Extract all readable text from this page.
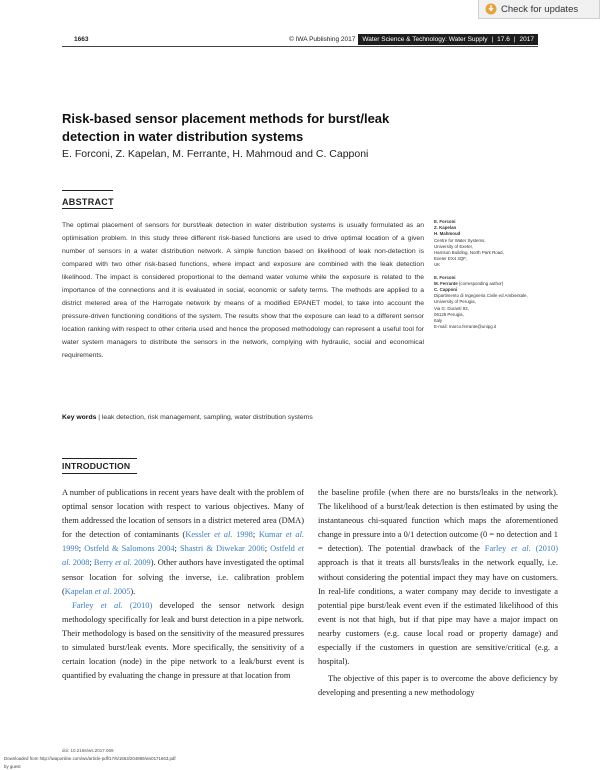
Check for updates
1663	© IWA Publishing 2017 Water Science & Technology: Water Supply | 17.6 | 2017
Risk-based sensor placement methods for burst/leak detection in water distribution systems
E. Forconi, Z. Kapelan, M. Ferrante, H. Mahmoud and C. Capponi
ABSTRACT
The optimal placement of sensors for burst/leak detection in water distribution systems is usually formulated as an optimisation problem. In this study three different risk-based functions are used to drive optimal location of a given number of sensors in a water distribution network. A simple function based on likelihood of leak non-detection is compared with two other risk-based functions, where impact and exposure are combined with the leak detection likelihood. The impact is considered proportional to the demand water volume while the exposure is related to the importance of the connections and it is evaluated in social, economic or safety terms. The methods are applied to a district metered area of the Harrogate network by means of a modified EPANET model, to take into account the pressure-driven functioning conditions of the system. The results show that the exposure can lead to a different sensor location ranking with respect to other criteria used and hence the proposed methodology can represent a useful tool for water system managers to distribute the sensors in the network, complying with hydraulic, social and economical requirements.
Key words | leak detection, risk management, sampling, water distribution systems
E. Forconi
Z. Kapelan
H. Mahmoud
Centre for Water Systems,
University of Exeter,
Harrison Building, North Park Road,
Exeter EX4 4QF,
UK
E. Forconi
M. Ferrante (corresponding author)
C. Capponi
Dipartimento di Ingegneria Civile ed Ambientale,
University of Perugia,
Via G. Duranti 93,
06125 Perugia,
Italy
E-mail: marco.ferrante@unipg.it
INTRODUCTION

A number of publications in recent years have dealt with the problem of optimal sensor location with respect to various objectives. Many of them addressed the location of sensors in a district metered area (DMA) for the detection of contaminants (Kessler et al. 1998; Kumar et al. 1999; Ostfeld & Salomons 2004; Shastri & Diwekar 2006; Ostfeld et al. 2008; Berry et al. 2009). Other authors have investigated the optimal sensor location for solving the inverse, i.e. calibration problem (Kapelan et al. 2005).

Farley et al. (2010) developed the sensor network design methodology specifically for leak and burst detection in a pipe network. Their methodology is based on the sensitivity of the measured pressures to simulated burst/leak events. More specifically, the sensitivity of a certain location (node) in the pipe network to a leak/burst event is quantified by evaluating the change in pressure at that location from

the baseline profile (when there are no bursts/leaks in the network). The likelihood of a burst/leak detection is then estimated by using the instantaneous chi-squared function which maps the aforementioned change in pressure into a 0/1 detection outcome (0 = no detection and 1 = detection). The potential drawback of the Farley et al. (2010) approach is that it treats all bursts/leaks in the network equally, i.e. without considering the potential impact they may have on customers. In real-life conditions, a water company may decide to investigate a potential pipe burst/leak event even if the estimated likelihood of this event is not that high, but if that pipe may have a major impact on nearby customers (e.g. cause local road or property damage) and especially if the customers in question are sensitive/critical (e.g. a hospital).

The objective of this paper is to overcome the above deficiency by developing and presenting a new methodology

doi: 10.2166/ws.2017.069
Downloaded from http://iwaponline.com/ws/article-pdf/17/6/1663/204869/ws0171663.pdf
by guest
